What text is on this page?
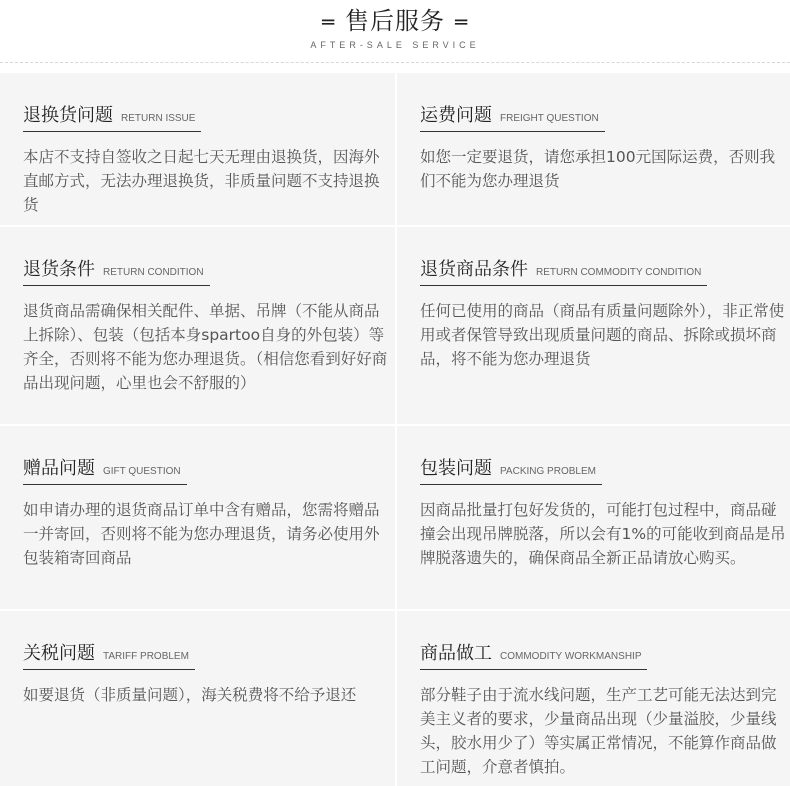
═ 售后服务 ═
AFTER-SALE SERVICE
退换货问题 RETURN ISSUE
本店不支持自签收之日起七天无理由退换货，因海外直邮方式，无法办理退换货，非质量问题不支持退换货
运费问题 FREIGHT QUESTION
如您一定要退货，请您承担100元国际运费，否则我们不能为您办理退货
退货条件 RETURN CONDITION
退货商品需确保相关配件、单据、吊牌（不能从商品上拆除）、包装（包括本身spartoo自身的外包装）等齐全，否则将不能为您办理退货。（相信您看到好好商品出现问题，心里也会不舒服的）
退货商品条件 RETURN COMMODITY CONDITION
任何已使用的商品（商品有质量问题除外），非正常使用或者保管导致出现质量问题的商品、拆除或损坏商品，将不能为您办理退货
赠品问题 GIFT QUESTION
如申请办理的退货商品订单中含有赠品，您需将赠品一并寄回，否则将不能为您办理退货，请务必使用外包装箱寄回商品
包装问题 PACKING PROBLEM
因商品批量打包好发货的，可能打包过程中，商品碰撞会出现吊牌脱落，所以会有1%的可能收到商品是吊牌脱落遗失的，确保商品全新正品请放心购买。
关税问题 TARIFF PROBLEM
如要退货（非质量问题），海关税费将不给予退还
商品做工 COMMODITY WORKMANSHIP
部分鞋子由于流水线问题，生产工艺可能无法达到完美主义者的要求，少量商品出现（少量溢胶，少量线头，胶水用少了）等实属正常情况，不能算作商品做工问题，介意者慎拍。
